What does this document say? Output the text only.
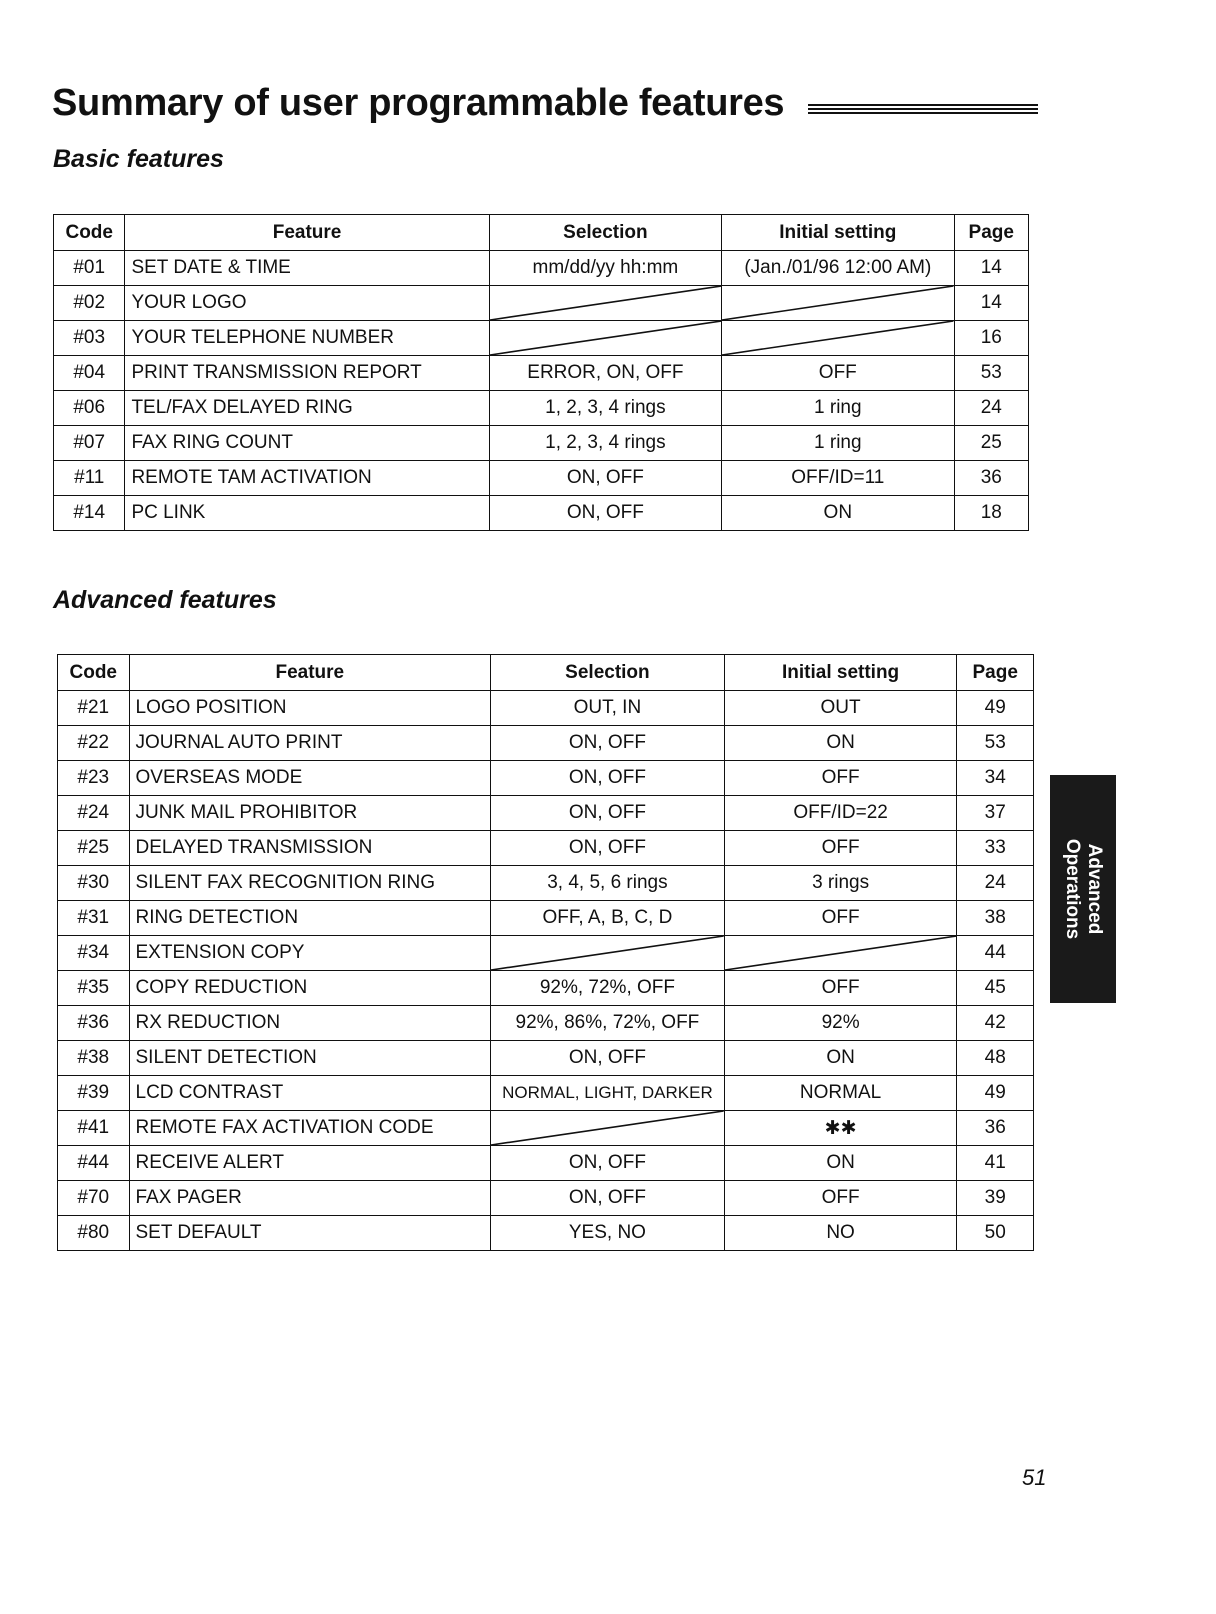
Summary of user programmable features
Basic features
Code	Feature	Selection	Initial setting	Page
#01	SET DATE & TIME	mm/dd/yy hh:mm	(Jan./01/96 12:00 AM)	14
#02	YOUR LOGO			14
#03	YOUR TELEPHONE NUMBER			16
#04	PRINT TRANSMISSION REPORT	ERROR, ON, OFF	OFF	53
#06	TEL/FAX DELAYED RING	1, 2, 3, 4 rings	1 ring	24
#07	FAX RING COUNT	1, 2, 3, 4 rings	1 ring	25
#11	REMOTE TAM ACTIVATION	ON, OFF	OFF/ID=11	36
#14	PC LINK	ON, OFF	ON	18
Advanced features
Code	Feature	Selection	Initial setting	Page
#21	LOGO POSITION	OUT, IN	OUT	49
#22	JOURNAL AUTO PRINT	ON, OFF	ON	53
#23	OVERSEAS MODE	ON, OFF	OFF	34
#24	JUNK MAIL PROHIBITOR	ON, OFF	OFF/ID=22	37
#25	DELAYED TRANSMISSION	ON, OFF	OFF	33
#30	SILENT FAX RECOGNITION RING	3, 4, 5, 6 rings	3 rings	24
#31	RING DETECTION	OFF, A, B, C, D	OFF	38
#34	EXTENSION COPY			44
#35	COPY REDUCTION	92%, 72%, OFF	OFF	45
#36	RX REDUCTION	92%, 86%, 72%, OFF	92%	42
#38	SILENT DETECTION	ON, OFF	ON	48
#39	LCD CONTRAST	NORMAL, LIGHT, DARKER	NORMAL	49
#41	REMOTE FAX ACTIVATION CODE		✱✱	36
#44	RECEIVE ALERT	ON, OFF	ON	41
#70	FAX PAGER	ON, OFF	OFF	39
#80	SET DEFAULT	YES, NO	NO	50
Advanced
Operations

51
